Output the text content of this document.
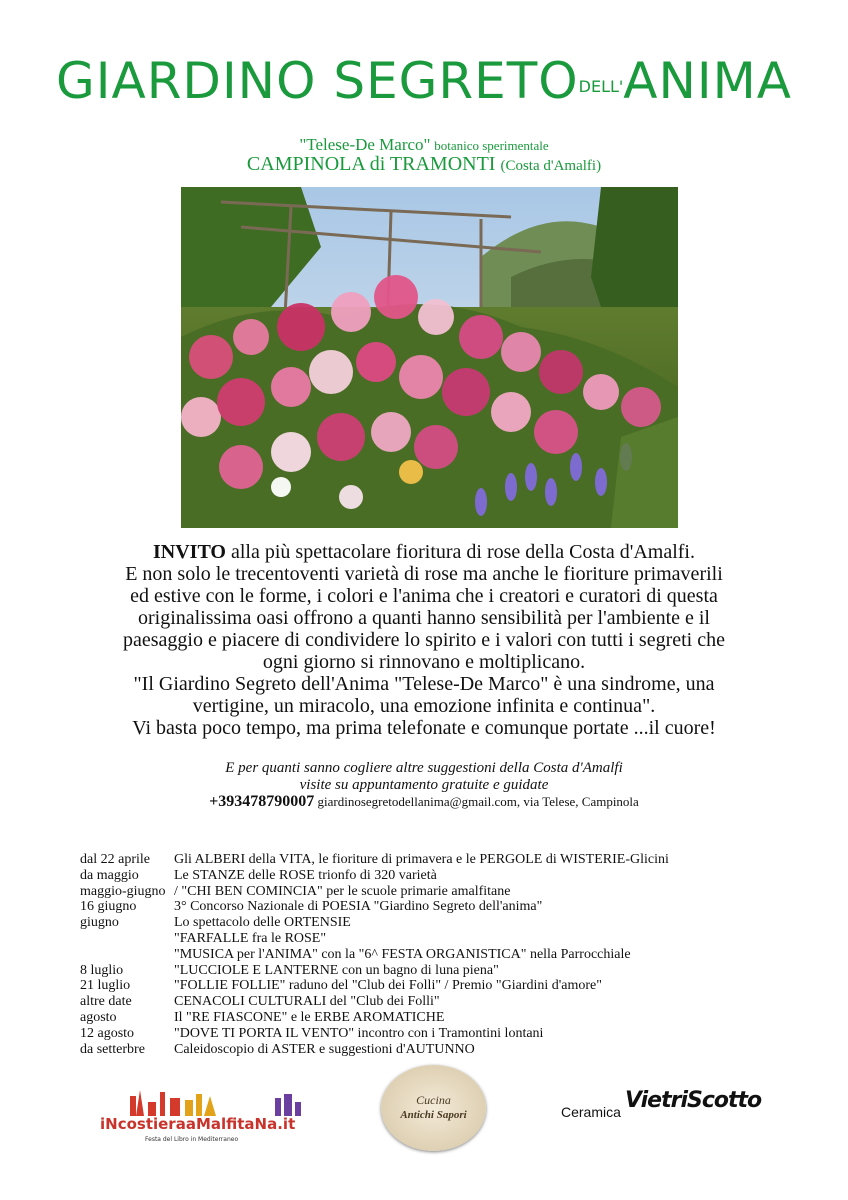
GIARDINO SEGRETODELL'ANIMA
"Telese-De Marco" botanico sperimentale
CAMPINOLA di TRAMONTI (Costa d'Amalfi)

INVITO alla più spettacolare fioritura di rose della Costa d'Amalfi.

E non solo le trecentoventi varietà di rose ma anche le fioriture primaverili

ed estive con le forme, i colori e l'anima che i creatori e curatori di questa

originalissima oasi offrono a quanti hanno sensibilità per l'ambiente e il

paesaggio e piacere di condividere lo spirito e i valori con tutti i segreti che

ogni giorno si rinnovano e moltiplicano.

"Il Giardino Segreto dell'Anima "Telese-De Marco" è una sindrome, una

vertigine, un miracolo, una emozione infinita e continua".

Vi basta poco tempo, ma prima telefonate e comunque portate ...il cuore!

E per quanti sanno cogliere altre suggestioni della Costa d'Amalfi
visite su appuntamento gratuite e guidate
+393478790007 giardinosegretodellanima@gmail.com, via Telese, Campinola
dal 22 aprile Gli ALBERI della VITA, le fioriture di primavera e le PERGOLE di WISTERIE-Glicini
da maggio	Le STANZE delle ROSE trionfo di 320 varietà
maggio-giugno / "CHI BEN COMINCIA" per le scuole primarie amalfitane
16 giugno	3° Concorso Nazionale di POESIA "Giardino Segreto dell'anima"
giugno	Lo spettacolo delle ORTENSIE
"FARFALLE fra le ROSE"
"MUSICA per l'ANIMA" con la "6^ FESTA ORGANISTICA" nella Parrocchiale
8 luglio	"LUCCIOLE E LANTERNE con un bagno di luna piena"
21 luglio	"FOLLIE FOLLIE" raduno del "Club dei Folli" / Premio "Giardini d'amore"
altre date	CENACOLI CULTURALI del "Club dei Folli"
agosto	Il "RE FIASCONE" e le ERBE AROMATICHE
12 agosto	"DOVE TI PORTA IL VENTO" incontro con i Tramontini lontani
da setterbre Caleidoscopio di ASTER e suggestioni d'AUTUNNO
iNcostieraaMalfitaNa.it
Festa del Libro in Mediterraneo
Cucina
Antichi Sapori	Ceramica VietriScotto
